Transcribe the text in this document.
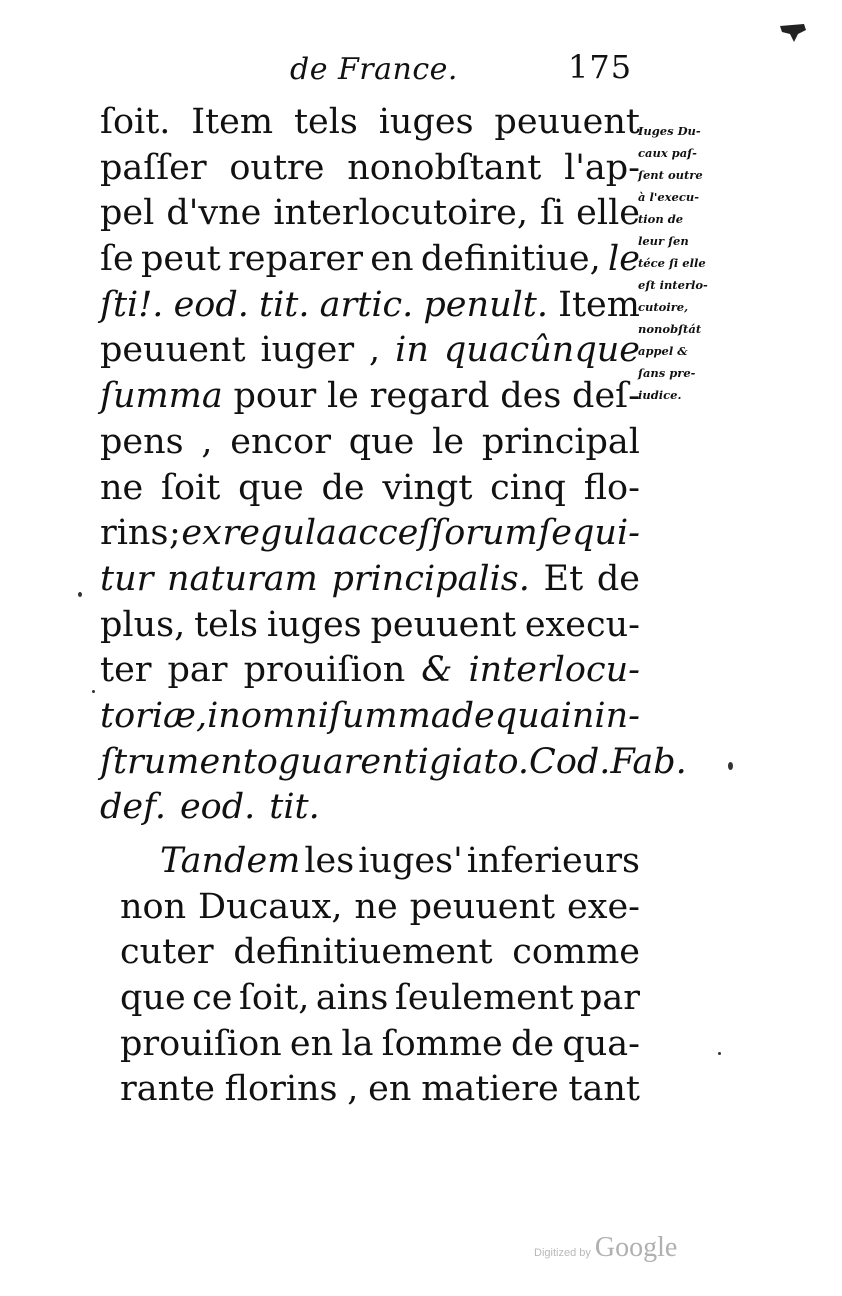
de France.	175
ſoit. Item tels iuges peuuent
paſſer outre nonobſtant l'ap-
pel d'vne interlocutoire, ſi elle
ſe peut reparer en definitiue, le
ſti!. eod. tit. artic. penult. Item
peuuent iuger , in quacûnque
ſumma pour le regard des deſ-
pens , encor que le principal
ne ſoit que de vingt cinq flo-
rins ; ex regula acceſſorum ſequi-
tur naturam principalis. Et de
plus, tels iuges peuuent execu-
ter par prouiſion & interlocu-
toriæ, in omni ſumma de qua in in-
ſtrumento guarentigiato. Cod. Fab.
def. eod. tit.
Tandem les iuges' inferieurs
non Ducaux, ne peuuent exe-
cuter definitiuement comme
que ce ſoit, ains ſeulement par
prouiſion en la ſomme de qua-
rante florins , en matiere tant
Iuges Du-
caux paſ-
ſent outre
à l'execu-
tion de
leur ſen
téce ſi elle
eſt interlo-
cutoire,
nonobſtát
appel &
ſans pre-
iudice.
Digitized by Google
